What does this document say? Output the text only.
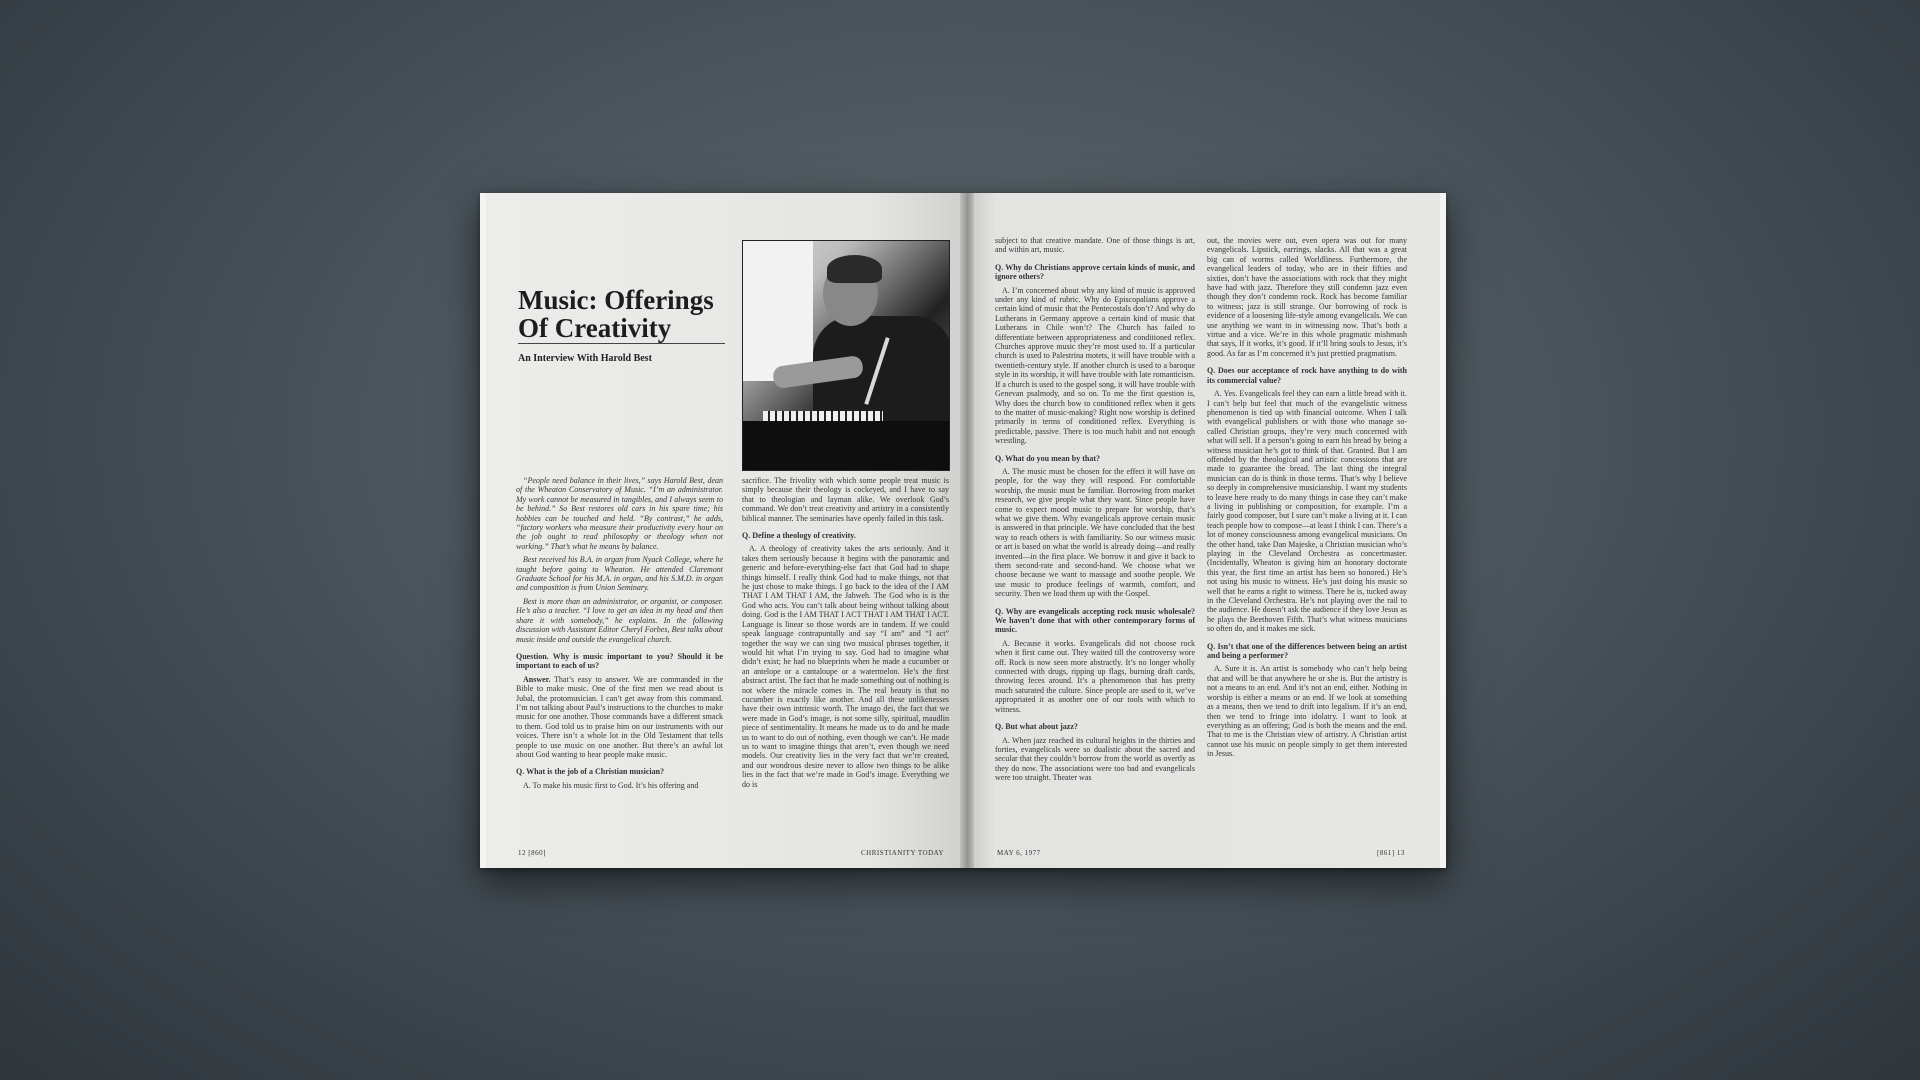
Music: Offerings Of Creativity
An Interview With Harold Best

“People need balance in their lives,” says Harold Best, dean of the Wheaton Conservatory of Music. “I’m an administrator. My work cannot be measured in tangibles, and I always seem to be behind.” So Best restores old cars in his spare time; his hobbies can be touched and held. “By contrast,” he adds, “factory workers who measure their productivity every hour on the job ought to read philosophy or theology when not working.” That’s what he means by balance.

Best received his B.A. in organ from Nyack College, where he taught before going to Wheaton. He attended Claremont Graduate School for his M.A. in organ, and his S.M.D. in organ and composition is from Union Seminary.

Best is more than an administrator, or organist, or composer. He’s also a teacher. “I love to get an idea in my head and then share it with somebody,” he explains. In the following discussion with Assistant Editor Cheryl Forbes, Best talks about music inside and outside the evangelical church.

Question. Why is music important to you? Should it be important to each of us?

Answer. That’s easy to answer. We are commanded in the Bible to make music. One of the first men we read about is Jubal, the protomusician. I can’t get away from this command. I’m not talking about Paul’s instructions to the churches to make music for one another. Those commands have a different smack to them. God told us to praise him on our instruments with our voices. There isn’t a whole lot in the Old Testament that tells people to use music on one another. But there’s an awful lot about God wanting to hear people make music.

Q. What is the job of a Christian musician?

A. To make his music first to God. It’s his offering and

sacrifice. The frivolity with which some people treat music is simply because their theology is cockeyed, and I have to say that to theologian and layman alike. We overlook God’s command. We don’t treat creativity and artistry in a consistently biblical manner. The seminaries have openly failed in this task.

Q. Define a theology of creativity.

A. A theology of creativity takes the arts seriously. And it takes them seriously because it begins with the panoramic and generic and before-everything-else fact that God had to shape things himself. I really think God had to make things, not that he just chose to make things. I go back to the idea of the I AM THAT I AM THAT I AM, the Jahweh. The God who is is the God who acts. You can’t talk about being without talking about doing. God is the I AM THAT I ACT THAT I AM THAT I ACT. Language is linear so those words are in tandem. If we could speak language contrapuntally and say “I am” and “I act” together the way we can sing two musical phrases together, it would hit what I’m trying to say. God had to imagine what didn’t exist; he had no blueprints when he made a cucumber or an antelope or a cantaloupe or a watermelon. He’s the first abstract artist. The fact that he made something out of nothing is not where the miracle comes in. The real beauty is that no cucumber is exactly like another. And all these unlikenesses have their own intrinsic worth. The imago dei, the fact that we were made in God’s image, is not some silly, spiritual, maudlin piece of sentimentality. It means he made us to do and he made us to want to do out of nothing, even though we can’t. He made us to want to imagine things that aren’t, even though we need models. Our creativity lies in the very fact that we’re created, and our wondrous desire never to allow two things to be alike lies in the fact that we’re made in God’s image. Everything we do is

12 [860]	CHRISTIANITY TODAY

subject to that creative mandate. One of those things is art, and within art, music.

Q. Why do Christians approve certain kinds of music, and ignore others?

A. I’m concerned about why any kind of music is approved under any kind of rubric. Why do Episcopalians approve a certain kind of music that the Pentecostals don’t? And why do Lutherans in Germany approve a certain kind of music that Lutherans in Chile won’t? The Church has failed to differentiate between appropriateness and conditioned reflex. Churches approve music they’re most used to. If a particular church is used to Palestrina motets, it will have trouble with a twentieth-century style. If another church is used to a baroque style in its worship, it will have trouble with late romanticism. If a church is used to the gospel song, it will have trouble with Genevan psalmody, and so on. To me the first question is, Why does the church bow to conditioned reflex when it gets to the matter of music-making? Right now worship is defined primarily in terms of conditioned reflex. Everything is predictable, passive. There is too much habit and not enough wrestling.

Q. What do you mean by that?

A. The music must be chosen for the effect it will have on people, for the way they will respond. For comfortable worship, the music must be familiar. Borrowing from market research, we give people what they want. Since people have come to expect mood music to prepare for worship, that’s what we give them. Why evangelicals approve certain music is answered in that principle. We have concluded that the best way to reach others is with familiarity. So our witness music or art is based on what the world is already doing—and really invented—in the first place. We borrow it and give it back to them second-rate and second-hand. We choose what we choose because we want to massage and soothe people. We use music to produce feelings of warmth, comfort, and security. Then we load them up with the Gospel.

Q. Why are evangelicals accepting rock music wholesale? We haven’t done that with other contemporary forms of music.

A. Because it works. Evangelicals did not choose rock when it first came out. They waited till the controversy wore off. Rock is now seen more abstractly. It’s no longer wholly connected with drugs, ripping up flags, burning draft cards, throwing feces around. It’s a phenomenon that has pretty much saturated the culture. Since people are used to it, we’ve appropriated it as another one of our tools with which to witness.

Q. But what about jazz?

A. When jazz reached its cultural heights in the thirties and forties, evangelicals were so dualistic about the sacred and secular that they couldn’t borrow from the world as overtly as they do now. The associations were too bad and evangelicals were too straight. Theater was

out, the movies were out, even opera was out for many evangelicals. Lipstick, earrings, slacks. All that was a great big can of worms called Worldliness. Furthermore, the evangelical leaders of today, who are in their fifties and sixties, don’t have the associations with rock that they might have had with jazz. Therefore they still condemn jazz even though they don’t condemn rock. Rock has become familiar to witness; jazz is still strange. Our borrowing of rock is evidence of a loosening life-style among evangelicals. We can use anything we want to in witnessing now. That’s both a virtue and a vice. We’re in this whole pragmatic mishmash that says, If it works, it’s good. If it’ll bring souls to Jesus, it’s good. As far as I’m concerned it’s just prettied pragmatism.

Q. Does our acceptance of rock have anything to do with its commercial value?

A. Yes. Evangelicals feel they can earn a little bread with it. I can’t help but feel that much of the evangelistic witness phenomenon is tied up with financial outcome. When I talk with evangelical publishers or with those who manage so-called Christian groups, they’re very much concerned with what will sell. If a person’s going to earn his bread by being a witness musician he’s got to think of that. Granted. But I am offended by the theological and artistic concessions that are made to guarantee the bread. The last thing the integral musician can do is think in those terms. That’s why I believe so deeply in comprehensive musicianship. I want my students to leave here ready to do many things in case they can’t make a living in publishing or composition, for example. I’m a fairly good composer, but I sure can’t make a living at it. I can teach people how to compose—at least I think I can. There’s a lot of money consciousness among evangelical musicians. On the other hand, take Dan Majeske, a Christian musician who’s playing in the Cleveland Orchestra as concertmaster. (Incidentally, Wheaton is giving him an honorary doctorate this year, the first time an artist has been so honored.) He’s not using his music to witness. He’s just doing his music so well that he earns a right to witness. There he is, tucked away in the Cleveland Orchestra. He’s not playing over the rail to the audience. He doesn’t ask the audience if they love Jesus as he plays the Beethoven Fifth. That’s what witness musicians so often do, and it makes me sick.

Q. Isn’t that one of the differences between being an artist and being a performer?

A. Sure it is. An artist is somebody who can’t help being that and will be that anywhere he or she is. But the artistry is not a means to an end. And it’s not an end, either. Nothing in worship is either a means or an end. If we look at something as a means, then we tend to drift into legalism. If it’s an end, then we tend to fringe into idolatry. I want to look at everything as an offering; God is both the means and the end. That to me is the Christian view of artistry. A Christian artist cannot use his music on people simply to get them interested in Jesus.

MAY 6, 1977	[861] 13
